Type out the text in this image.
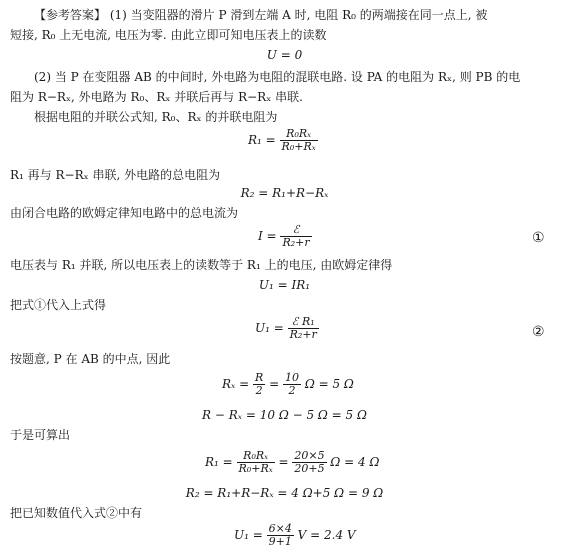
【参考答案】 (1) 当变阻器的滑片 P 滑到左端 A 时, 电阻 R₀ 的两端接在同一点上, 被
短接, R₀ 上无电流, 电压为零. 由此立即可知电压表上的读数
U = 0
(2) 当 P 在变阻器 AB 的中间时, 外电路为电阻的混联电路. 设 PA 的电阻为 Rₓ, 则 PB 的电
阻为 R−Rₓ, 外电路为 R₀、Rₓ 并联后再与 R−Rₓ 串联.
根据电阻的并联公式知, R₀、Rₓ 的并联电阻为
$R_1 = \frac{\text{R₀Rₓ}}{\text{R₀+Rₓ}}$
R₁ 再与 R−Rₓ 串联, 外电路的总电阻为
R₂ = R₁+R−Rₓ
由闭合电路的欧姆定律知电路中的总电流为
$I = \frac{\text{ℰ}}{\text{R₂+r}}$	①
电压表与 R₁ 并联, 所以电压表上的读数等于 R₁ 上的电压, 由欧姆定律得
U₁ = IR₁
把式①代入上式得
$U_1 = \frac{\text{ℰ R₁}}{\text{R₂+r}}$	②
按题意, P 在 AB 的中点, 因此
$R_x = \frac{R}{2} = \frac{10}{2}$ Ω = 5 Ω
R − Rₓ = 10 Ω − 5 Ω = 5 Ω
于是可算出
$R_1 = \frac{\text{R₀Rₓ}}{\text{R₀+Rₓ}} = \frac{20\times 5}{20+5}$ Ω = 4 Ω
R₂ = R₁+R−Rₓ = 4 Ω+5 Ω = 9 Ω
把已知数值代入式②中有
$U_1 = \frac{6\times 4}{9+1}$ V = 2.4 V
